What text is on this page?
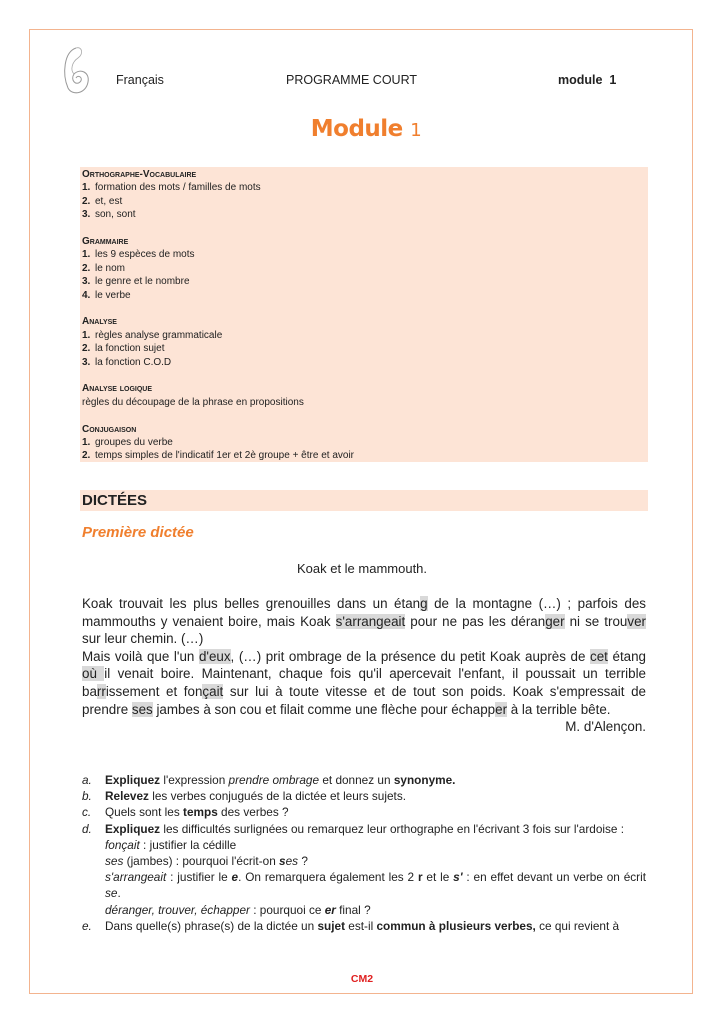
Français	PROGRAMME COURT	module  1
Module 1
Orthographe-Vocabulaire
1. formation des mots / familles de mots
2. et, est
3. son, sont
Grammaire
1. les 9 espèces de mots
2. le nom
3. le genre et le nombre
4. le verbe
Analyse
1. règles analyse grammaticale
2. la fonction sujet
3. la fonction C.O.D
Analyse logique
règles du découpage de la phrase en propositions
Conjugaison
1. groupes du verbe
2. temps simples de l'indicatif 1er et 2è groupe + être et avoir
DICTÉES
Première dictée
Koak et le mammouth.

Koak trouvait les plus belles grenouilles dans un étang de la montagne (…) ; parfois des mammouths y venaient boire, mais Koak s'arrangeait pour ne pas les déranger ni se trouver sur leur chemin. (…)

Mais voilà que l'un d'eux, (…) prit ombrage de la présence du petit Koak auprès de cet étang où il venait boire. Maintenant, chaque fois qu'il apercevait l'enfant, il poussait un terrible barrissement et fonçait sur lui à toute vitesse et de tout son poids. Koak s'empressait de prendre ses jambes à son cou et filait comme une flèche pour échapper à la terrible bête.

M. d'Alençon.

a.	Expliquez l'expression prendre ombrage et donnez un synonyme.
b.	Relevez les verbes conjugués de la dictée et leurs sujets.
c.	Quels sont les temps des verbes ?
d.	Expliquez les difficultés surlignées ou remarquez leur orthographe en l'écrivant 3 fois sur l'ardoise :
fonçait : justifier la cédille
ses (jambes) : pourquoi l'écrit-on ses ?
s'arrangeait : justifier le e. On remarquera également les 2 r et le s' : en effet devant un verbe on écrit se.
déranger, trouver, échapper : pourquoi ce er final ?
e.	Dans quelle(s) phrase(s) de la dictée un sujet est-il commun à plusieurs verbes, ce qui revient à
CM2
